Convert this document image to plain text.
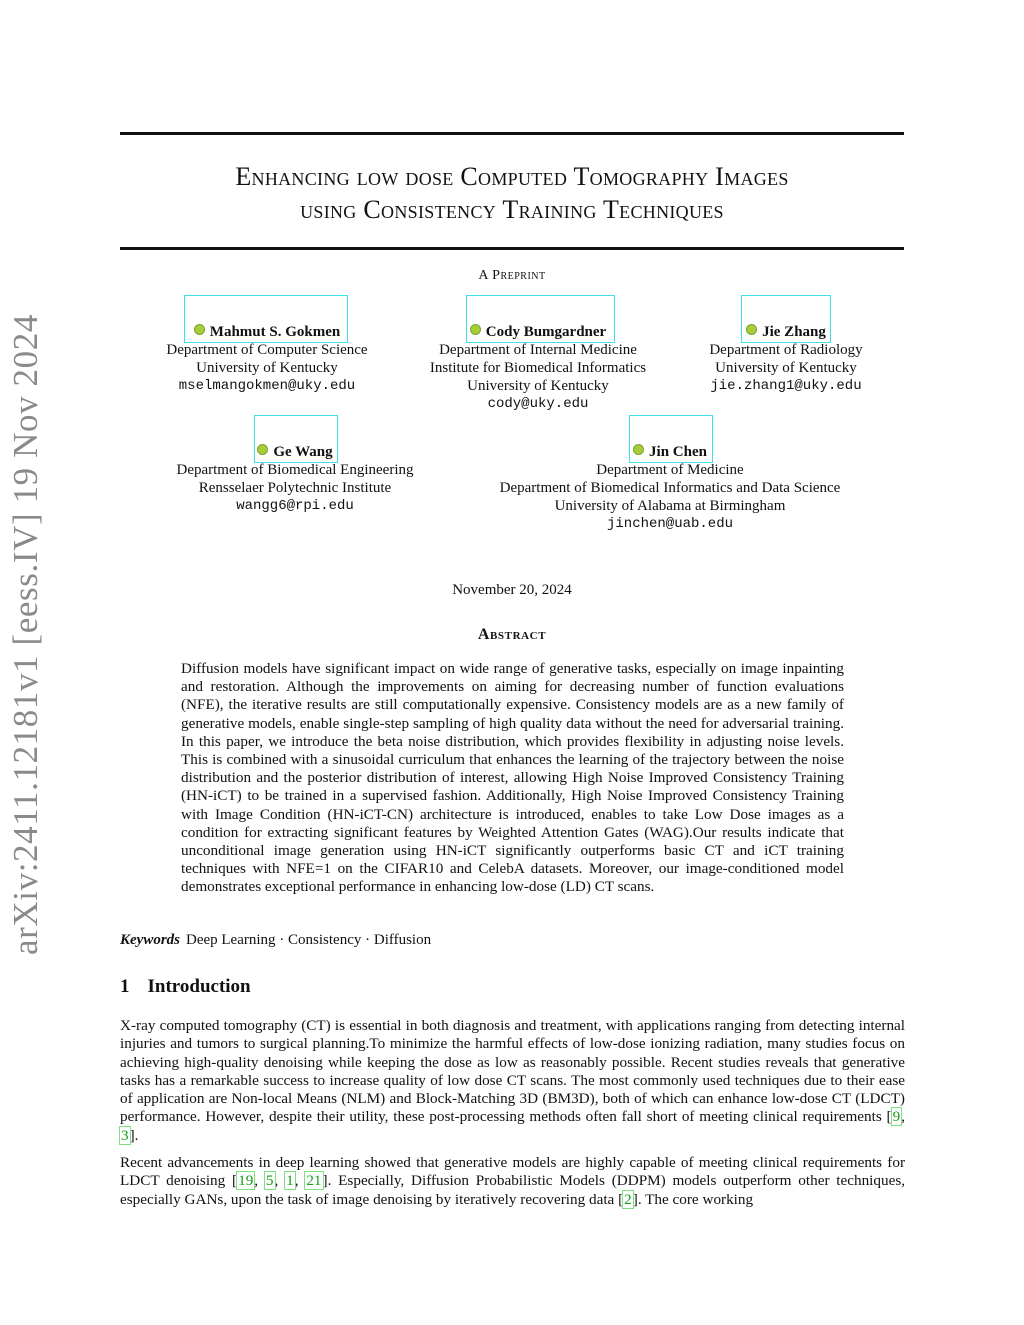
arXiv:2411.12181v1 [eess.IV] 19 Nov 2024
Enhancing low dose Computed Tomography Images
using Consistency Training Techniques
A Preprint
Mahmut S. Gokmen
Department of Computer Science
University of Kentucky
mselmangokmen@uky.edu
Cody Bumgardner
Department of Internal Medicine
Institute for Biomedical Informatics
University of Kentucky
cody@uky.edu
Jie Zhang
Department of Radiology
University of Kentucky
jie.zhang1@uky.edu
Ge Wang
Department of Biomedical Engineering
Rensselaer Polytechnic Institute
wangg6@rpi.edu
Jin Chen
Department of Medicine
Department of Biomedical Informatics and Data Science
University of Alabama at Birmingham
jinchen@uab.edu
November 20, 2024
Abstract
Diffusion models have significant impact on wide range of generative tasks, especially on image inpainting and restoration. Although the improvements on aiming for decreasing number of function evaluations (NFE), the iterative results are still computationally expensive. Consistency models are as a new family of generative models, enable single-step sampling of high quality data without the need for adversarial training. In this paper, we introduce the beta noise distribution, which provides flexibility in adjusting noise levels. This is combined with a sinusoidal curriculum that enhances the learning of the trajectory between the noise distribution and the posterior distribution of interest, allowing High Noise Improved Consistency Training (HN-iCT) to be trained in a supervised fashion. Additionally, High Noise Improved Consistency Training with Image Condition (HN-iCT-CN) architecture is introduced, enables to take Low Dose images as a condition for extracting significant features by Weighted Attention Gates (WAG).Our results indicate that unconditional image generation using HN-iCT significantly outperforms basic CT and iCT training techniques with NFE=1 on the CIFAR10 and CelebA datasets. Moreover, our image-conditioned model demonstrates exceptional performance in enhancing low-dose (LD) CT scans.
Keywords Deep Learning · Consistency · Diffusion
1 Introduction
X-ray computed tomography (CT) is essential in both diagnosis and treatment, with applications ranging from detecting internal injuries and tumors to surgical planning.To minimize the harmful effects of low-dose ionizing radiation, many studies focus on achieving high-quality denoising while keeping the dose as low as reasonably possible. Recent studies reveals that generative tasks has a remarkable success to increase quality of low dose CT scans. The most commonly used techniques due to their ease of application are Non-local Means (NLM) and Block-Matching 3D (BM3D), both of which can enhance low-dose CT (LDCT) performance. However, despite their utility, these post-processing methods often fall short of meeting clinical requirements [9, 3].
Recent advancements in deep learning showed that generative models are highly capable of meeting clinical requirements for LDCT denoising [19, 5, 1, 21]. Especially, Diffusion Probabilistic Models (DDPM) models outperform other techniques, especially GANs, upon the task of image denoising by iteratively recovering data [2]. The core working
